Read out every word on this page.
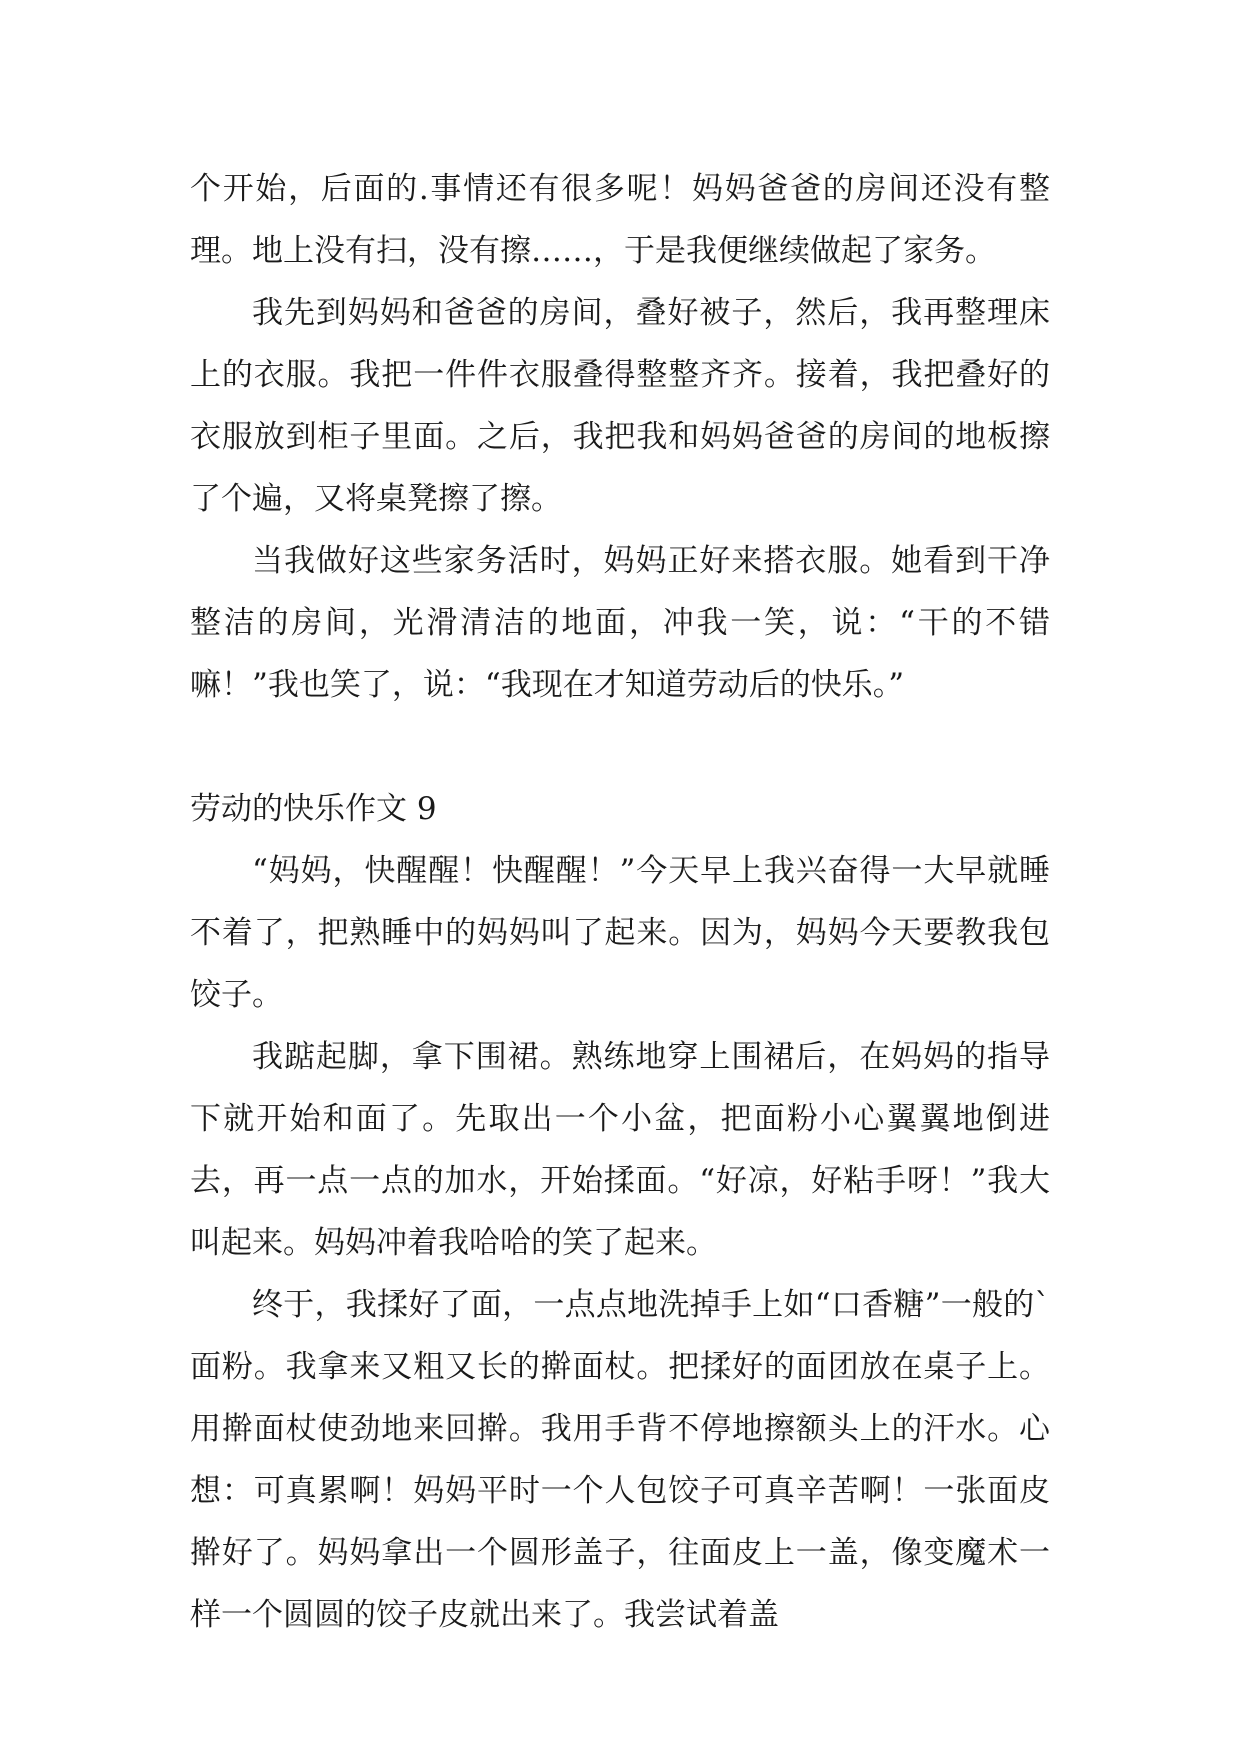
个开始，后面的.事情还有很多呢！妈妈爸爸的房间还没有整理。地上没有扫，没有擦……，于是我便继续做起了家务。

我先到妈妈和爸爸的房间，叠好被子，然后，我再整理床上的衣服。我把一件件衣服叠得整整齐齐。接着，我把叠好的衣服放到柜子里面。之后，我把我和妈妈爸爸的房间的地板擦了个遍，又将桌凳擦了擦。

当我做好这些家务活时，妈妈正好来搭衣服。她看到干净整洁的房间，光滑清洁的地面，冲我一笑，说：“干的不错嘛！”我也笑了，说：“我现在才知道劳动后的快乐。”

劳动的快乐作文 9

“妈妈，快醒醒！快醒醒！”今天早上我兴奋得一大早就睡不着了，把熟睡中的妈妈叫了起来。因为，妈妈今天要教我包饺子。

我踮起脚，拿下围裙。熟练地穿上围裙后，在妈妈的指导下就开始和面了。先取出一个小盆，把面粉小心翼翼地倒进去，再一点一点的加水，开始揉面。“好凉，好粘手呀！”我大叫起来。妈妈冲着我哈哈的笑了起来。

终于，我揉好了面，一点点地洗掉手上如“口香糖”一般的`面粉。我拿来又粗又长的擀面杖。把揉好的面团放在桌子上。用擀面杖使劲地来回擀。我用手背不停地擦额头上的汗水。心想：可真累啊！妈妈平时一个人包饺子可真辛苦啊！一张面皮擀好了。妈妈拿出一个圆形盖子，往面皮上一盖，像变魔术一样一个圆圆的饺子皮就出来了。我尝试着盖
